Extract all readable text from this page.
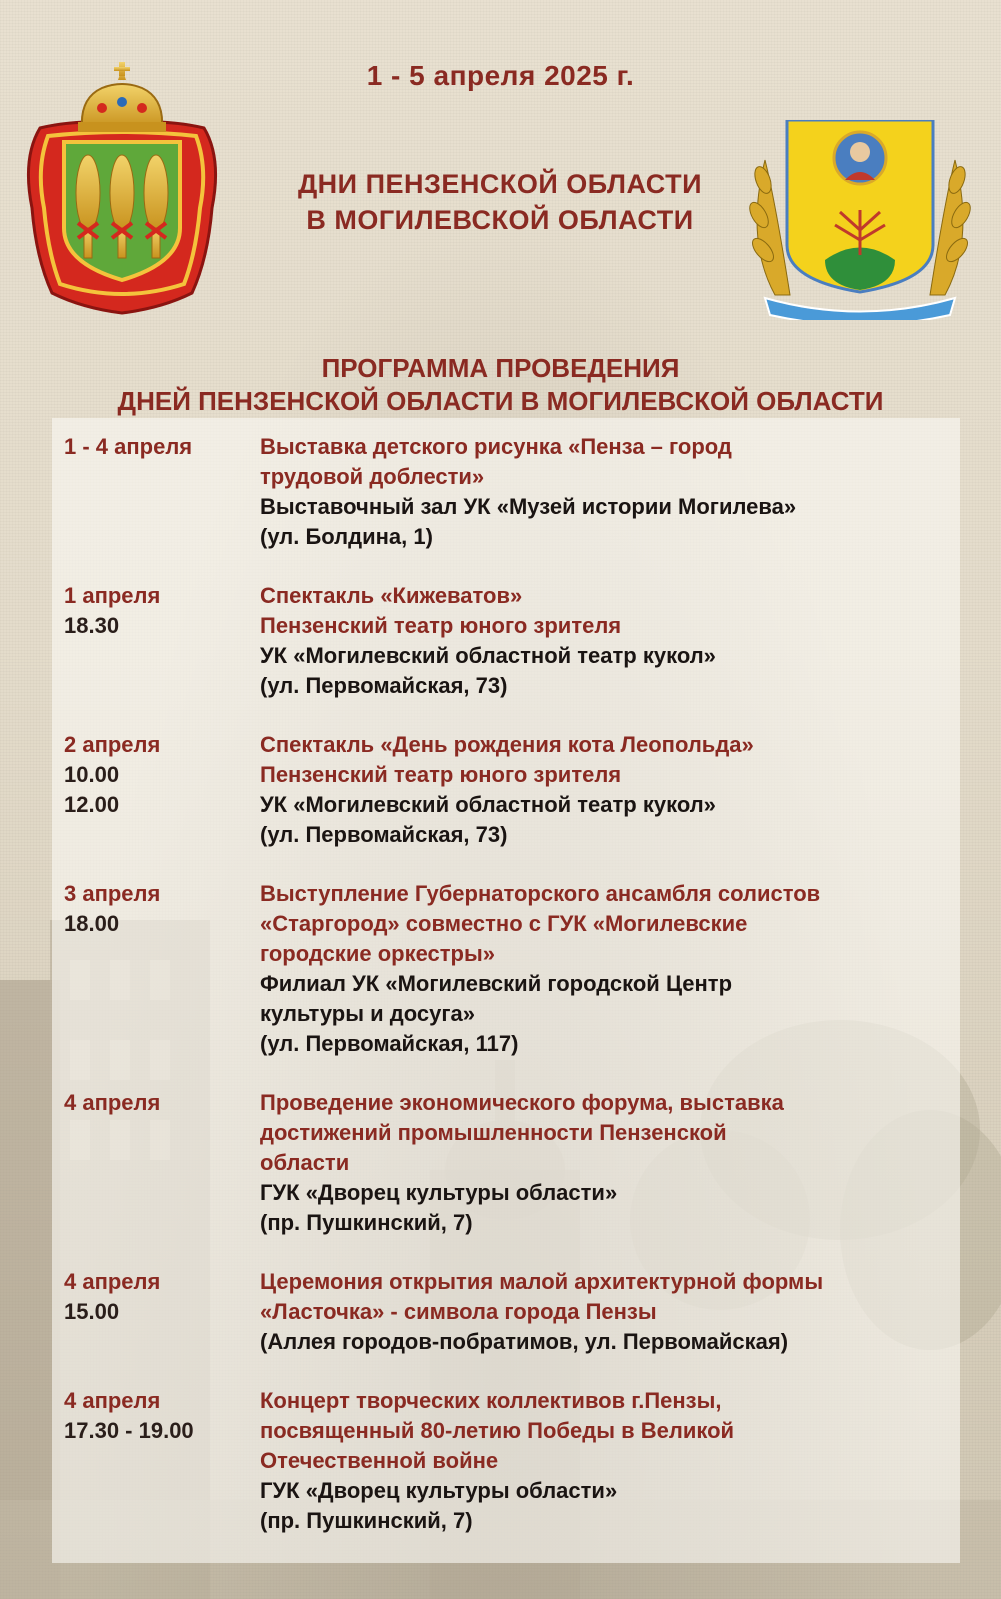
1 - 5 апреля 2025 г.
ДНИ ПЕНЗЕНСКОЙ ОБЛАСТИ
В МОГИЛЕВСКОЙ ОБЛАСТИ
ПРОГРАММА ПРОВЕДЕНИЯ
ДНЕЙ ПЕНЗЕНСКОЙ ОБЛАСТИ В МОГИЛЕВСКОЙ ОБЛАСТИ
1 - 4 апреля	Выставка детского рисунка «Пенза – город
трудовой доблести»
Выставочный зал УК «Музей истории Могилева»
(ул. Болдина, 1)
1 апреля
18.30
Спектакль «Кижеватов»
Пензенский театр юного зрителя
УК «Могилевский областной театр кукол»
(ул. Первомайская, 73)
2 апреля
10.00
12.00
Спектакль «День рождения кота Леопольда»
Пензенский театр юного зрителя
УК «Могилевский областной театр кукол»
(ул. Первомайская, 73)
3 апреля
18.00
Выступление Губернаторского ансамбля солистов
«Старгород» совместно с ГУК «Могилевские
городские оркестры»
Филиал УК «Могилевский городской Центр
культуры и досуга»
(ул. Первомайская, 117)
4 апреля	Проведение экономического форума, выставка
достижений промышленности Пензенской
области
ГУК «Дворец культуры области»
(пр. Пушкинский, 7)
4 апреля
15.00
Церемония открытия малой архитектурной формы
«Ласточка» - символа города Пензы
(Аллея городов-побратимов, ул. Первомайская)
4 апреля
17.30 - 19.00
Концерт творческих коллективов г.Пензы,
посвященный 80-летию Победы в Великой
Отечественной войне
ГУК «Дворец культуры области»
(пр. Пушкинский, 7)
